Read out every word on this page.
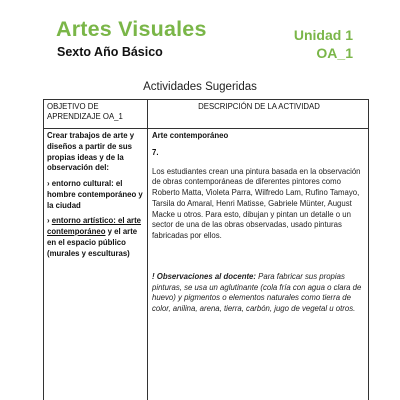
Artes Visuales
Sexto Año Básico
Unidad 1
OA_1
Actividades Sugeridas
OBJETIVO DE APRENDIZAJE OA_1
DESCRIPCIÓN DE LA ACTIVIDAD

Crear trabajos de arte y diseños a partir de sus propias ideas y de la observación del:

› entorno cultural: el hombre contemporáneo y la ciudad

› entorno artístico: el arte contemporáneo y el arte en el espacio público (murales y esculturas)

Arte contemporáneo

7.

Los estudiantes crean una pintura basada en la observación de obras contemporáneas de diferentes pintores como Roberto Matta, Violeta Parra, Wilfredo Lam, Rufino Tamayo, Tarsila do Amaral, Henri Matisse, Gabriele Münter, August Macke u otros. Para esto, dibujan y pintan un detalle o un sector de una de las obras observadas, usado pinturas fabricadas por ellos.

! Observaciones al docente: Para fabricar sus propias pinturas, se usa un aglutinante (cola fría con agua o clara de huevo) y pigmentos o elementos naturales como tierra de color, anilina, arena, tierra, carbón, jugo de vegetal u otros.
